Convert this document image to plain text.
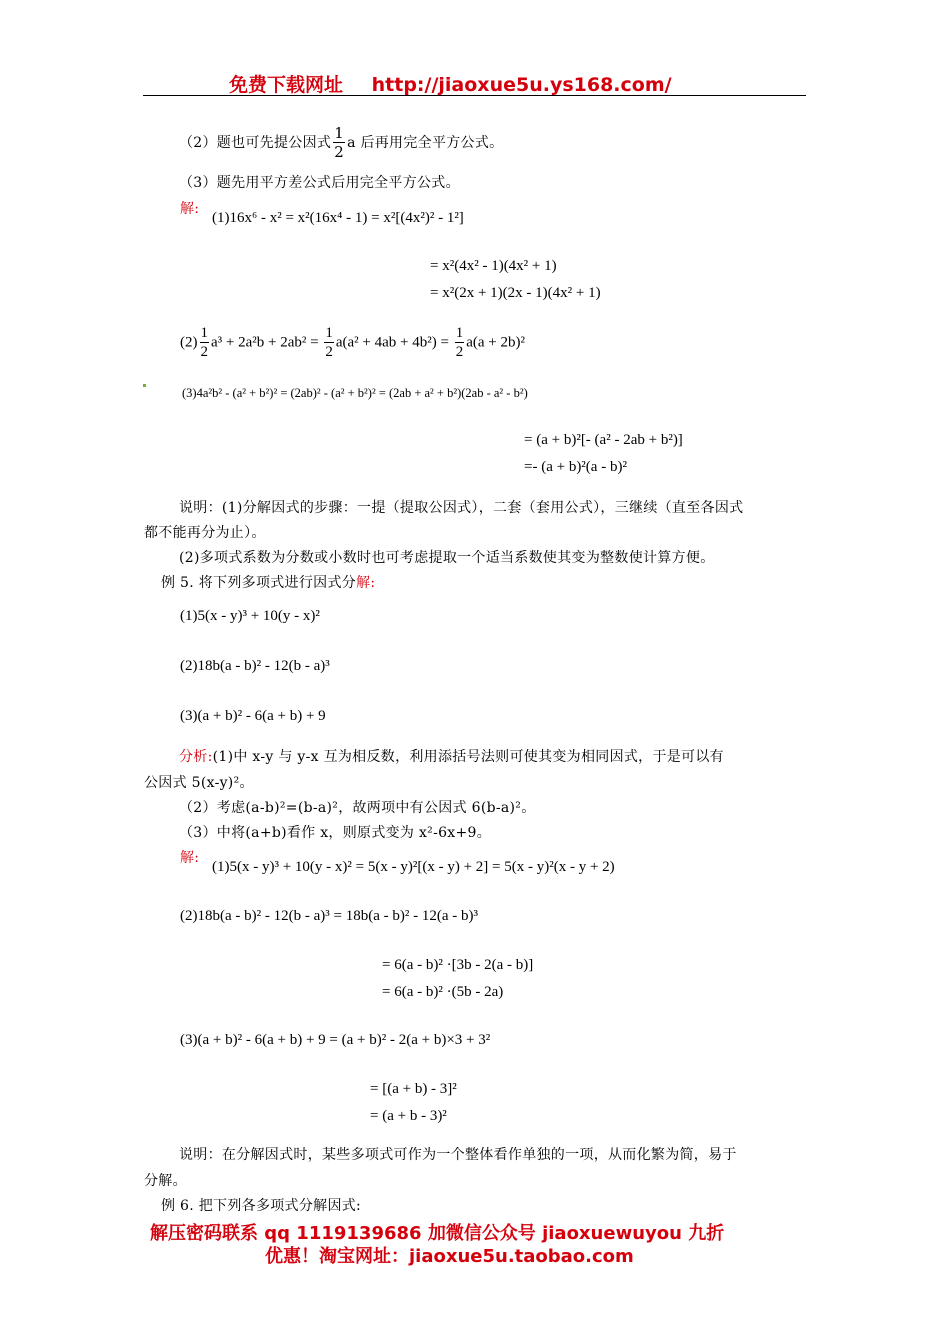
免费下载网址 http://jiaoxue5u.ys168.com/
（2）题也可先提公因式 $\frac{1}{2}$ a 后再用完全平方公式。
（3）题先用平方差公式后用完全平方公式。
解:
(1)16x⁶ - x² = x²(16x⁴ - 1) = x²[(4x²)² - 1²]
= x²(4x² - 1)(4x² + 1)
= x²(2x + 1)(2x - 1)(4x² + 1)
$(2) \frac{1}{2} a^3 + 2a^2b + 2ab^2 = \frac{1}{2} a(a^2 + 4ab + 4b^2) = \frac{1}{2} a(a + 2b)^2$
(3)4a²b² - (a² + b²)² = (2ab)² - (a² + b²)² = (2ab + a² + b²)(2ab - a² - b²)
= (a + b)²[- (a² - 2ab + b²)]
=- (a + b)²(a - b)²
说明：(1)分解因式的步骤：一提（提取公因式），二套（套用公式），三继续（直至各因式
都不能再分为止）。
(2)多项式系数为分数或小数时也可考虑提取一个适当系数使其变为整数使计算方便。
例 5. 将下列多项式进行因式分解:
(1)5(x - y)³ + 10(y - x)²
(2)18b(a - b)² - 12(b - a)³
(3)(a + b)² - 6(a + b) + 9
分析:(1)中 x-y 与 y-x 互为相反数，利用添括号法则可使其变为相同因式，于是可以有
公因式 5(x-y)²。
（2）考虑(a-b)²=(b-a)²，故两项中有公因式 6(b-a)²。
（3）中将(a+b)看作 x，则原式变为 x²-6x+9。
解:
(1)5(x - y)³ + 10(y - x)² = 5(x - y)²[(x - y) + 2] = 5(x - y)²(x - y + 2)
(2)18b(a - b)² - 12(b - a)³ = 18b(a - b)² - 12(a - b)³
= 6(a - b)² ·[3b - 2(a - b)]
= 6(a - b)² ·(5b - 2a)
(3)(a + b)² - 6(a + b) + 9 = (a + b)² - 2(a + b)×3 + 3²
= [(a + b) - 3]²
= (a + b - 3)²
说明：在分解因式时，某些多项式可作为一个整体看作单独的一项，从而化繁为简，易于
分解。
例 6. 把下列各多项式分解因式:
解压密码联系 qq 1119139686 加微信公众号 jiaoxuewuyou 九折
优惠！淘宝网址：jiaoxue5u.taobao.com
